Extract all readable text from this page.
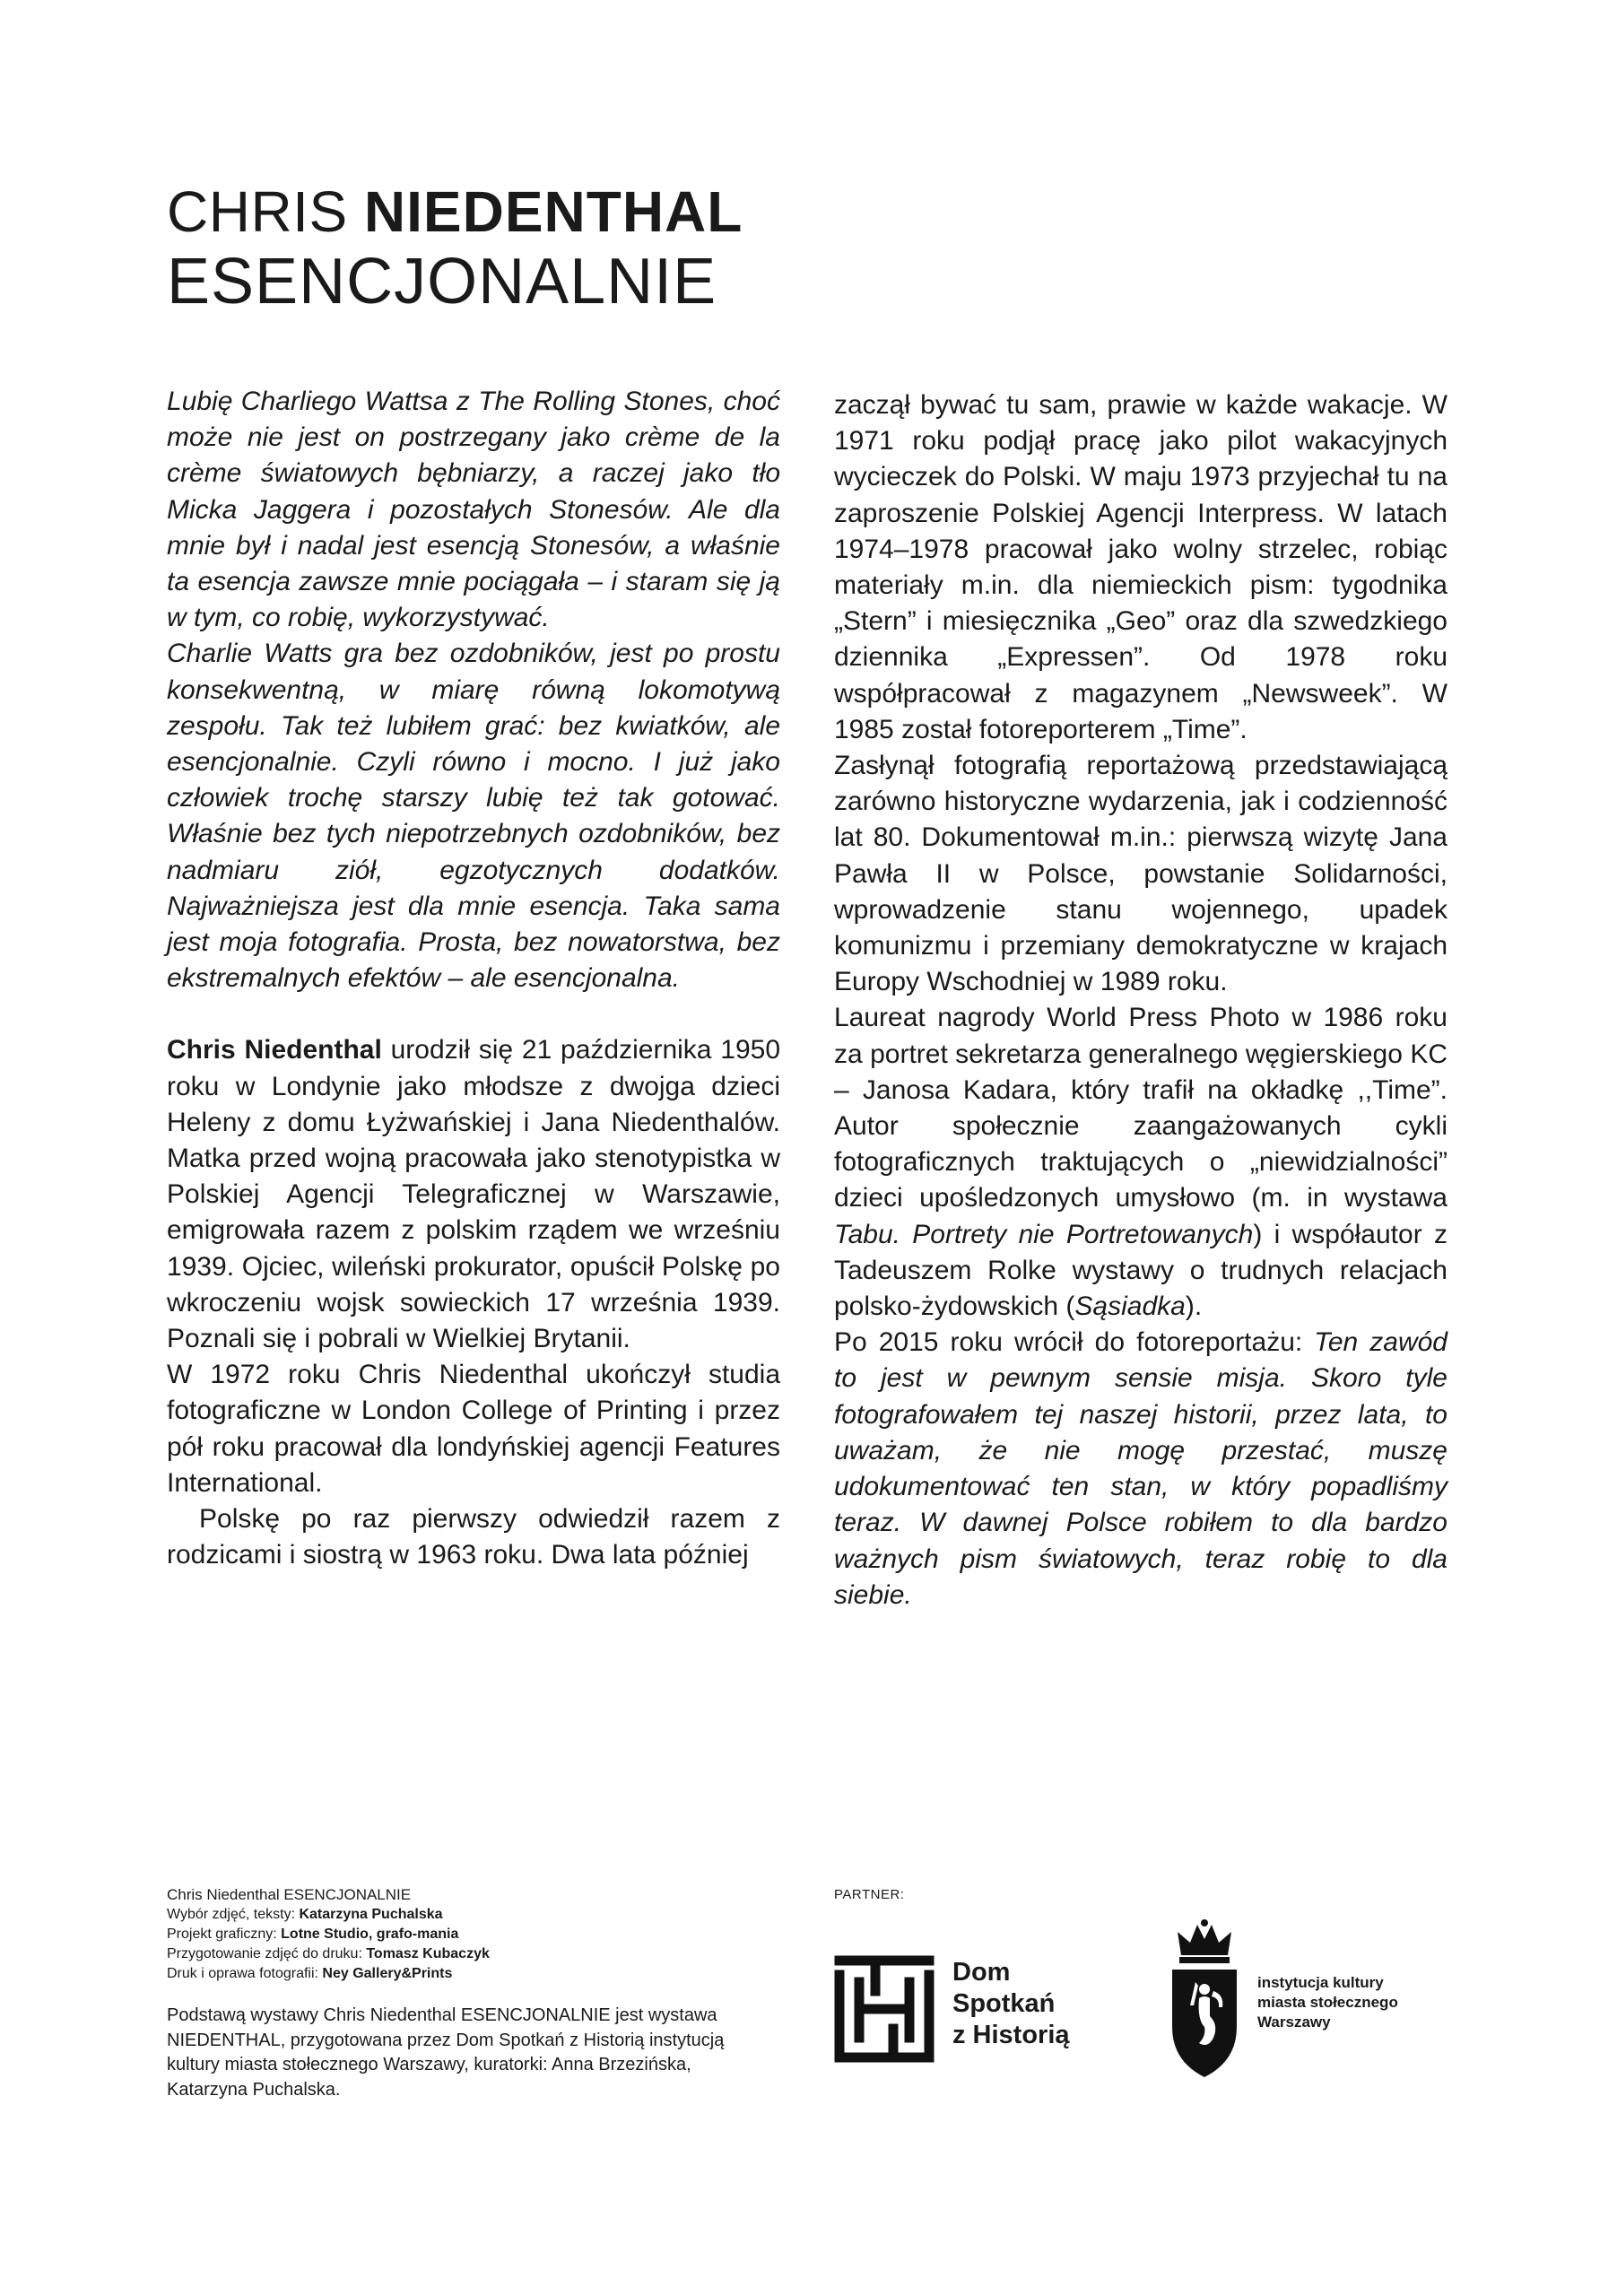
CHRIS NIEDENTHAL
ESENCJONALNIE

Lubię Charliego Wattsa z The Rolling Stones, choć może nie jest on postrzegany jako crème de la crème światowych bębniarzy, a raczej jako tło Micka Jaggera i pozostałych Stonesów. Ale dla mnie był i nadal jest esencją Stonesów, a właśnie ta esencja zawsze mnie pociągała – i staram się ją w tym, co robię, wykorzystywać.

Charlie Watts gra bez ozdobników, jest po prostu konsekwentną, w miarę równą lokomotywą zespołu. Tak też lubiłem grać: bez kwiatków, ale esencjonalnie. Czyli równo i mocno. I już jako człowiek trochę starszy lubię też tak gotować. Właśnie bez tych niepotrzebnych ozdobników, bez nadmiaru ziół, egzotycznych dodatków. Najważniejsza jest dla mnie esencja. Taka sama jest moja fotografia. Prosta, bez nowatorstwa, bez ekstremalnych efektów – ale esencjonalna.

Chris Niedenthal urodził się 21 października 1950 roku w Londynie jako młodsze z dwojga dzieci Heleny z domu Łyżwańskiej i Jana Niedenthalów. Matka przed wojną pracowała jako stenotypistka w Polskiej Agencji Telegraficznej w Warszawie, emigrowała razem z polskim rządem we wrześniu 1939. Ojciec, wileński prokurator, opuścił Polskę po wkroczeniu wojsk sowieckich 17 września 1939. Poznali się i pobrali w Wielkiej Brytanii.

W 1972 roku Chris Niedenthal ukończył studia fotograficzne w London College of Printing i przez pół roku pracował dla londyńskiej agencji Features International.

Polskę po raz pierwszy odwiedził razem z rodzicami i siostrą w 1963 roku. Dwa lata później

zaczął bywać tu sam, prawie w każde wakacje. W 1971 roku podjął pracę jako pilot wakacyjnych wycieczek do Polski. W maju 1973 przyjechał tu na zaproszenie Polskiej Agencji Interpress. W latach 1974–1978 pracował jako wolny strzelec, robiąc materiały m.in. dla niemieckich pism: tygodnika „Stern” i miesięcznika „Geo” oraz dla szwedzkiego dziennika „Expressen”. Od 1978 roku współpracował z magazynem „Newsweek”. W 1985 został fotoreporterem „Time”.

Zasłynął fotografią reportażową przedstawiającą zarówno historyczne wydarzenia, jak i codzienność lat 80. Dokumentował m.in.: pierwszą wizytę Jana Pawła II w Polsce, powstanie Solidarności, wprowadzenie stanu wojennego, upadek komunizmu i przemiany demokratyczne w krajach Europy Wschodniej w 1989 roku.

Laureat nagrody World Press Photo w 1986 roku za portret sekretarza generalnego węgierskiego KC – Janosa Kadara, który trafił na okładkę ,,Time”. Autor społecznie zaangażowanych cykli fotograficznych traktujących o „niewidzialności” dzieci upośledzonych umysłowo (m. in wystawa Tabu. Portrety nie Portretowanych) i współautor z Tadeuszem Rolke wystawy o trudnych relacjach polsko-żydowskich (Sąsiadka).

Po 2015 roku wrócił do fotoreportażu: Ten zawód to jest w pewnym sensie misja. Skoro tyle fotografowałem tej naszej historii, przez lata, to uważam, że nie mogę przestać, muszę udokumentować ten stan, w który popadliśmy teraz. W dawnej Polsce robiłem to dla bardzo ważnych pism światowych, teraz robię to dla siebie.

Chris Niedenthal ESENCJONALNIE

Wybór zdjęć, teksty: Katarzyna Puchalska

Projekt graficzny: Lotne Studio, grafo-mania

Przygotowanie zdjęć do druku: Tomasz Kubaczyk

Druk i oprawa fotografii: Ney Gallery&Prints

Podstawą wystawy Chris Niedenthal ESENCJONALNIE jest wystawa NIEDENTHAL, przygotowana przez Dom Spotkań z Historią instytucją kultury miasta stołecznego Warszawy, kuratorki: Anna Brzezińska, Katarzyna Puchalska.

PARTNER:
Dom
Spotkań
z Historią
instytucja kultury
miasta stołecznego
Warszawy
